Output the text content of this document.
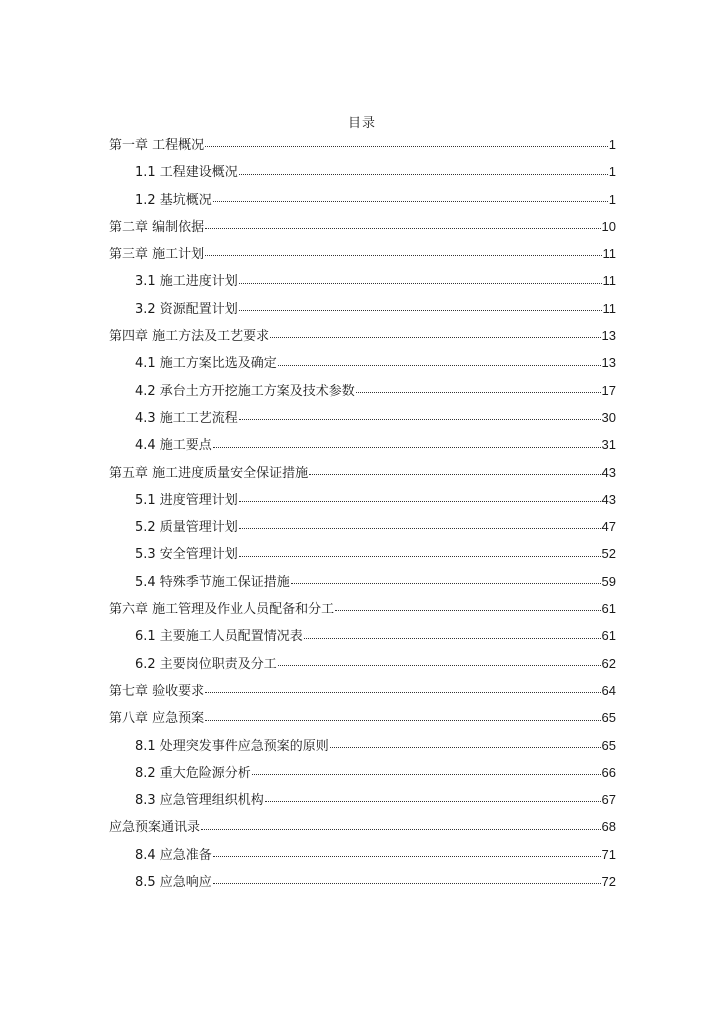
目录
第一章 工程概况	1
1.1 工程建设概况	1
1.2 基坑概况	1
第二章 编制依据	10
第三章 施工计划	11
3.1 施工进度计划	11
3.2 资源配置计划	11
第四章 施工方法及工艺要求	13
4.1 施工方案比选及确定	13
4.2 承台土方开挖施工方案及技术参数	17
4.3 施工工艺流程	30
4.4 施工要点	31
第五章 施工进度质量安全保证措施	43
5.1 进度管理计划	43
5.2 质量管理计划	47
5.3 安全管理计划	52
5.4 特殊季节施工保证措施	59
第六章 施工管理及作业人员配备和分工	61
6.1 主要施工人员配置情况表	61
6.2 主要岗位职责及分工	62
第七章 验收要求	64
第八章 应急预案	65
8.1 处理突发事件应急预案的原则	65
8.2 重大危险源分析	66
8.3 应急管理组织机构	67
应急预案通讯录	68
8.4 应急准备	71
8.5 应急响应	72
